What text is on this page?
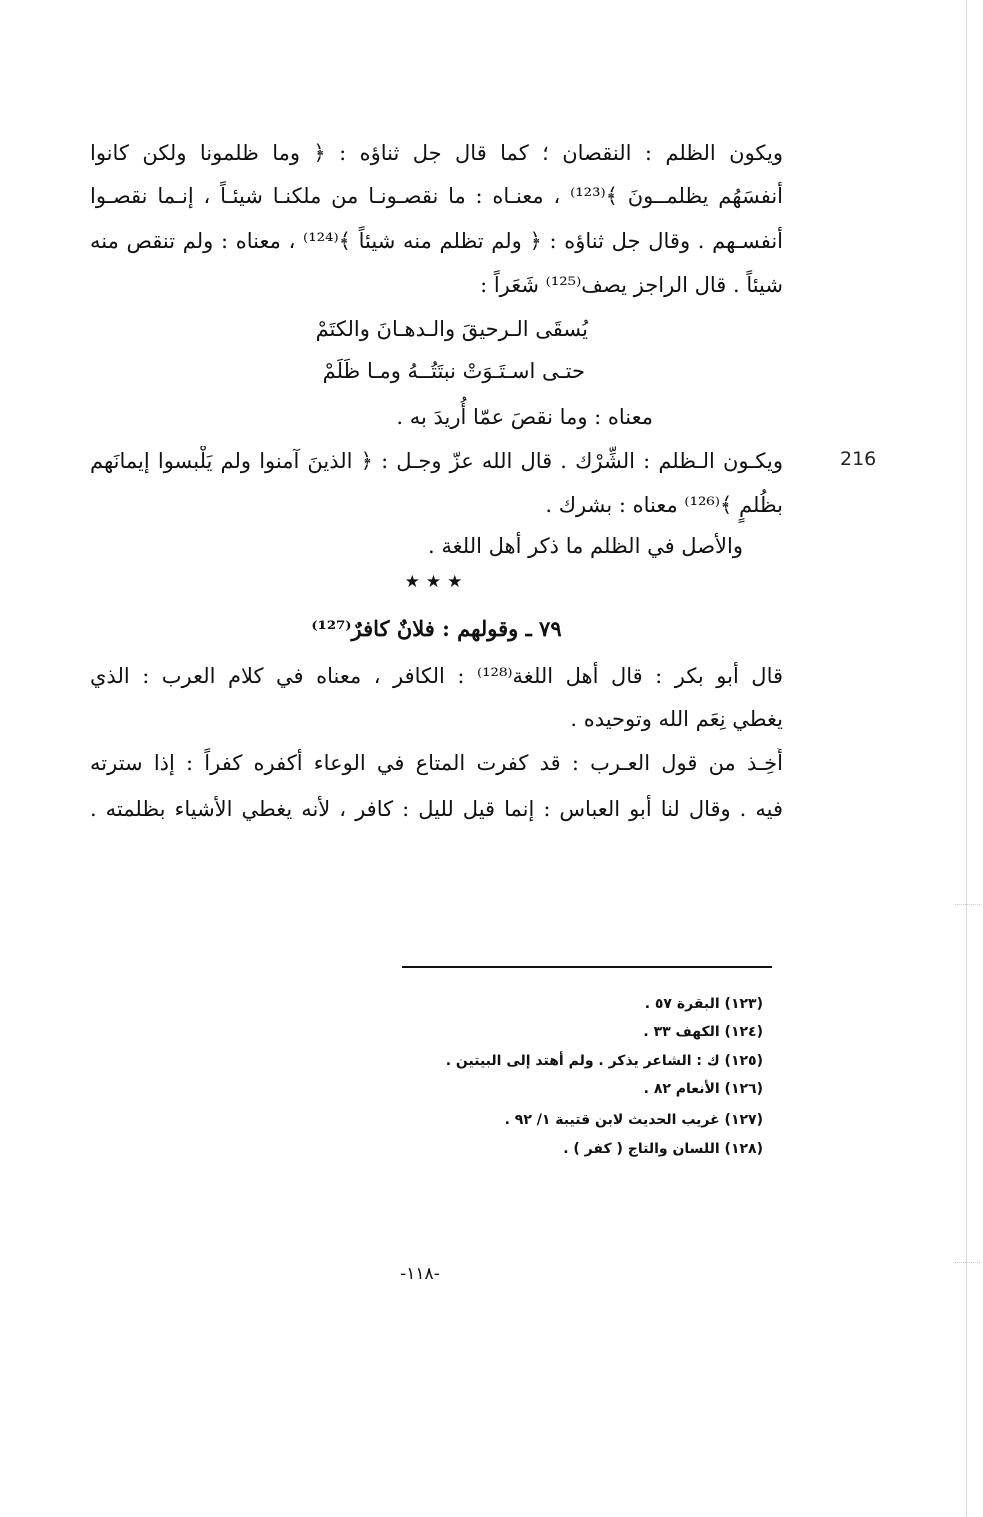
ويكون الظلم : النقصان ؛ كما قال جل ثناؤه : ﴿ وما ظلمونا ولكن كانوا
أنفسَهُم يظلمــونَ ﴾⁽¹²³⁾ ، معنـاه : ما نقصـونـا من ملكنـا شيئـاً ، إنـما نقصـوا
أنفسـهم . وقال جل ثناؤه : ﴿ ولم تظلم منه شيئاً ﴾⁽¹²⁴⁾ ، معناه : ولم تنقص منه
شيئاً . قال الراجز يصف⁽¹²⁵⁾ شَعَراً :
يُسقَى الـرحيقَ والـدهـانَ والكتَمْ
حتـى اسـتَـوَتْ نبتَتُــهُ ومـا ظَلَمْ
معناه : وما نقصَ عمّا أُريدَ به .
216
ويكـون الـظلم : الشِّرْك . قال الله عزّ وجـل : ﴿ الذينَ آمنوا ولم يَلْبسوا إيمانَهم
بظُلمٍ ﴾⁽¹²⁶⁾ معناه : بشرك .
والأصل في الظلم ما ذكر أهل اللغة .
★★★
٧٩ ـ وقولهم : فلانٌ كافرٌ⁽¹²⁷⁾
قال أبو بكر : قال أهل اللغة⁽¹²⁸⁾ : الكافر ، معناه في كلام العرب : الذي
يغطي نِعَم الله وتوحيده .
أُخِـذ من قول العـرب : قد كفرت المتاع في الوعاء أكفره كفراً : إذا سترته
فيه . وقال لنا أبو العباس : إنما قيل لليل : كافر ، لأنه يغطي الأشياء بظلمته .
(١٢٣) البقرة ٥٧ .
(١٢٤) الكهف ٣٣ .
(١٢٥) ك : الشاعر يذكر . ولم أهتد إلى البيتين .
(١٢٦) الأنعام ٨٢ .
(١٢٧) غريب الحديث لابن قتيبة ١/ ٩٢ .
(١٢٨) اللسان والتاج ( كفر ) .
-١١٨-
